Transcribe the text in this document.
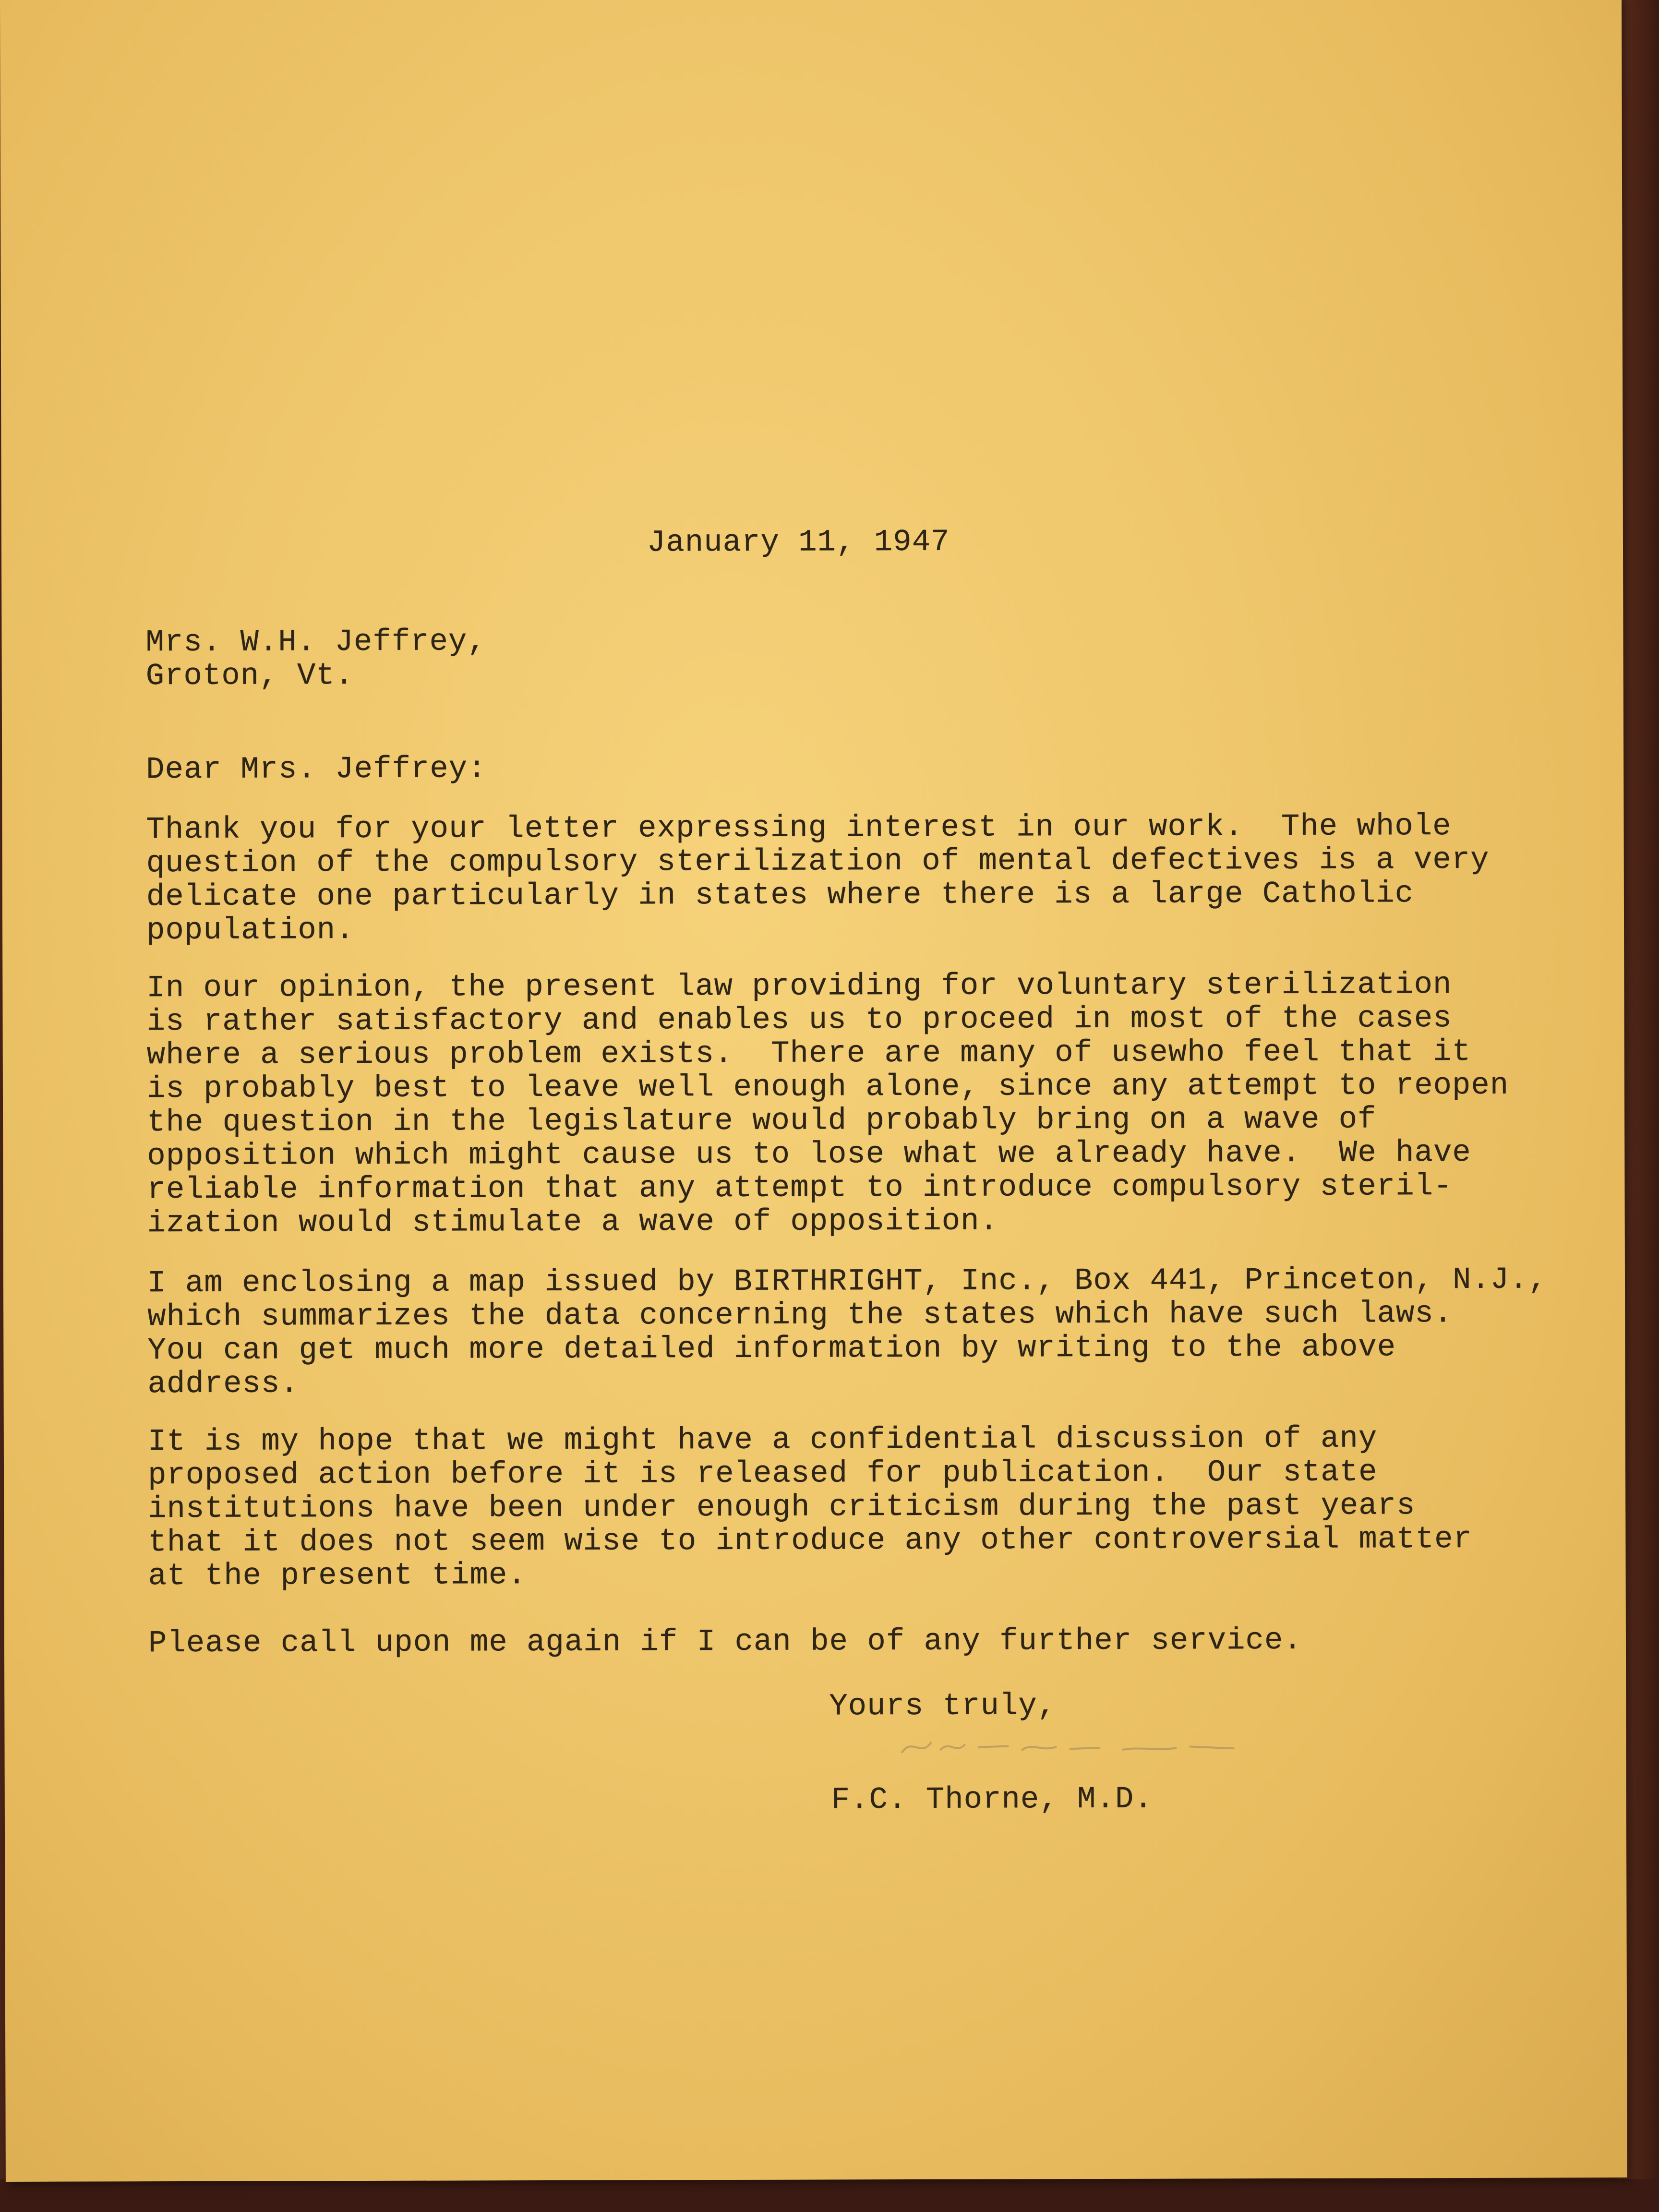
January 11, 1947

Mrs. W.H. Jeffrey,
Groton, Vt.

Dear Mrs. Jeffrey:

Thank you for your letter expressing interest in our work.  The whole
question of the compulsory sterilization of mental defectives is a very
delicate one particularly in states where there is a large Catholic
population.

In our opinion, the present law providing for voluntary sterilization
is rather satisfactory and enables us to proceed in most of the cases
where a serious problem exists.  There are many of usewho feel that it
is probably best to leave well enough alone, since any attempt to reopen
the question in the legislature would probably bring on a wave of
opposition which might cause us to lose what we already have.  We have
reliable information that any attempt to introduce compulsory steril-
ization would stimulate a wave of opposition.

I am enclosing a map issued by BIRTHRIGHT, Inc., Box 441, Princeton, N.J.,
which summarizes the data concerning the states which have such laws.
You can get much more detailed information by writing to the above
address.

It is my hope that we might have a confidential discussion of any
proposed action before it is released for publication.  Our state
institutions have been under enough criticism during the past years
that it does not seem wise to introduce any other controversial matter
at the present time.

Please call upon me again if I can be of any further service.

Yours truly,

F.C. Thorne, M.D.
